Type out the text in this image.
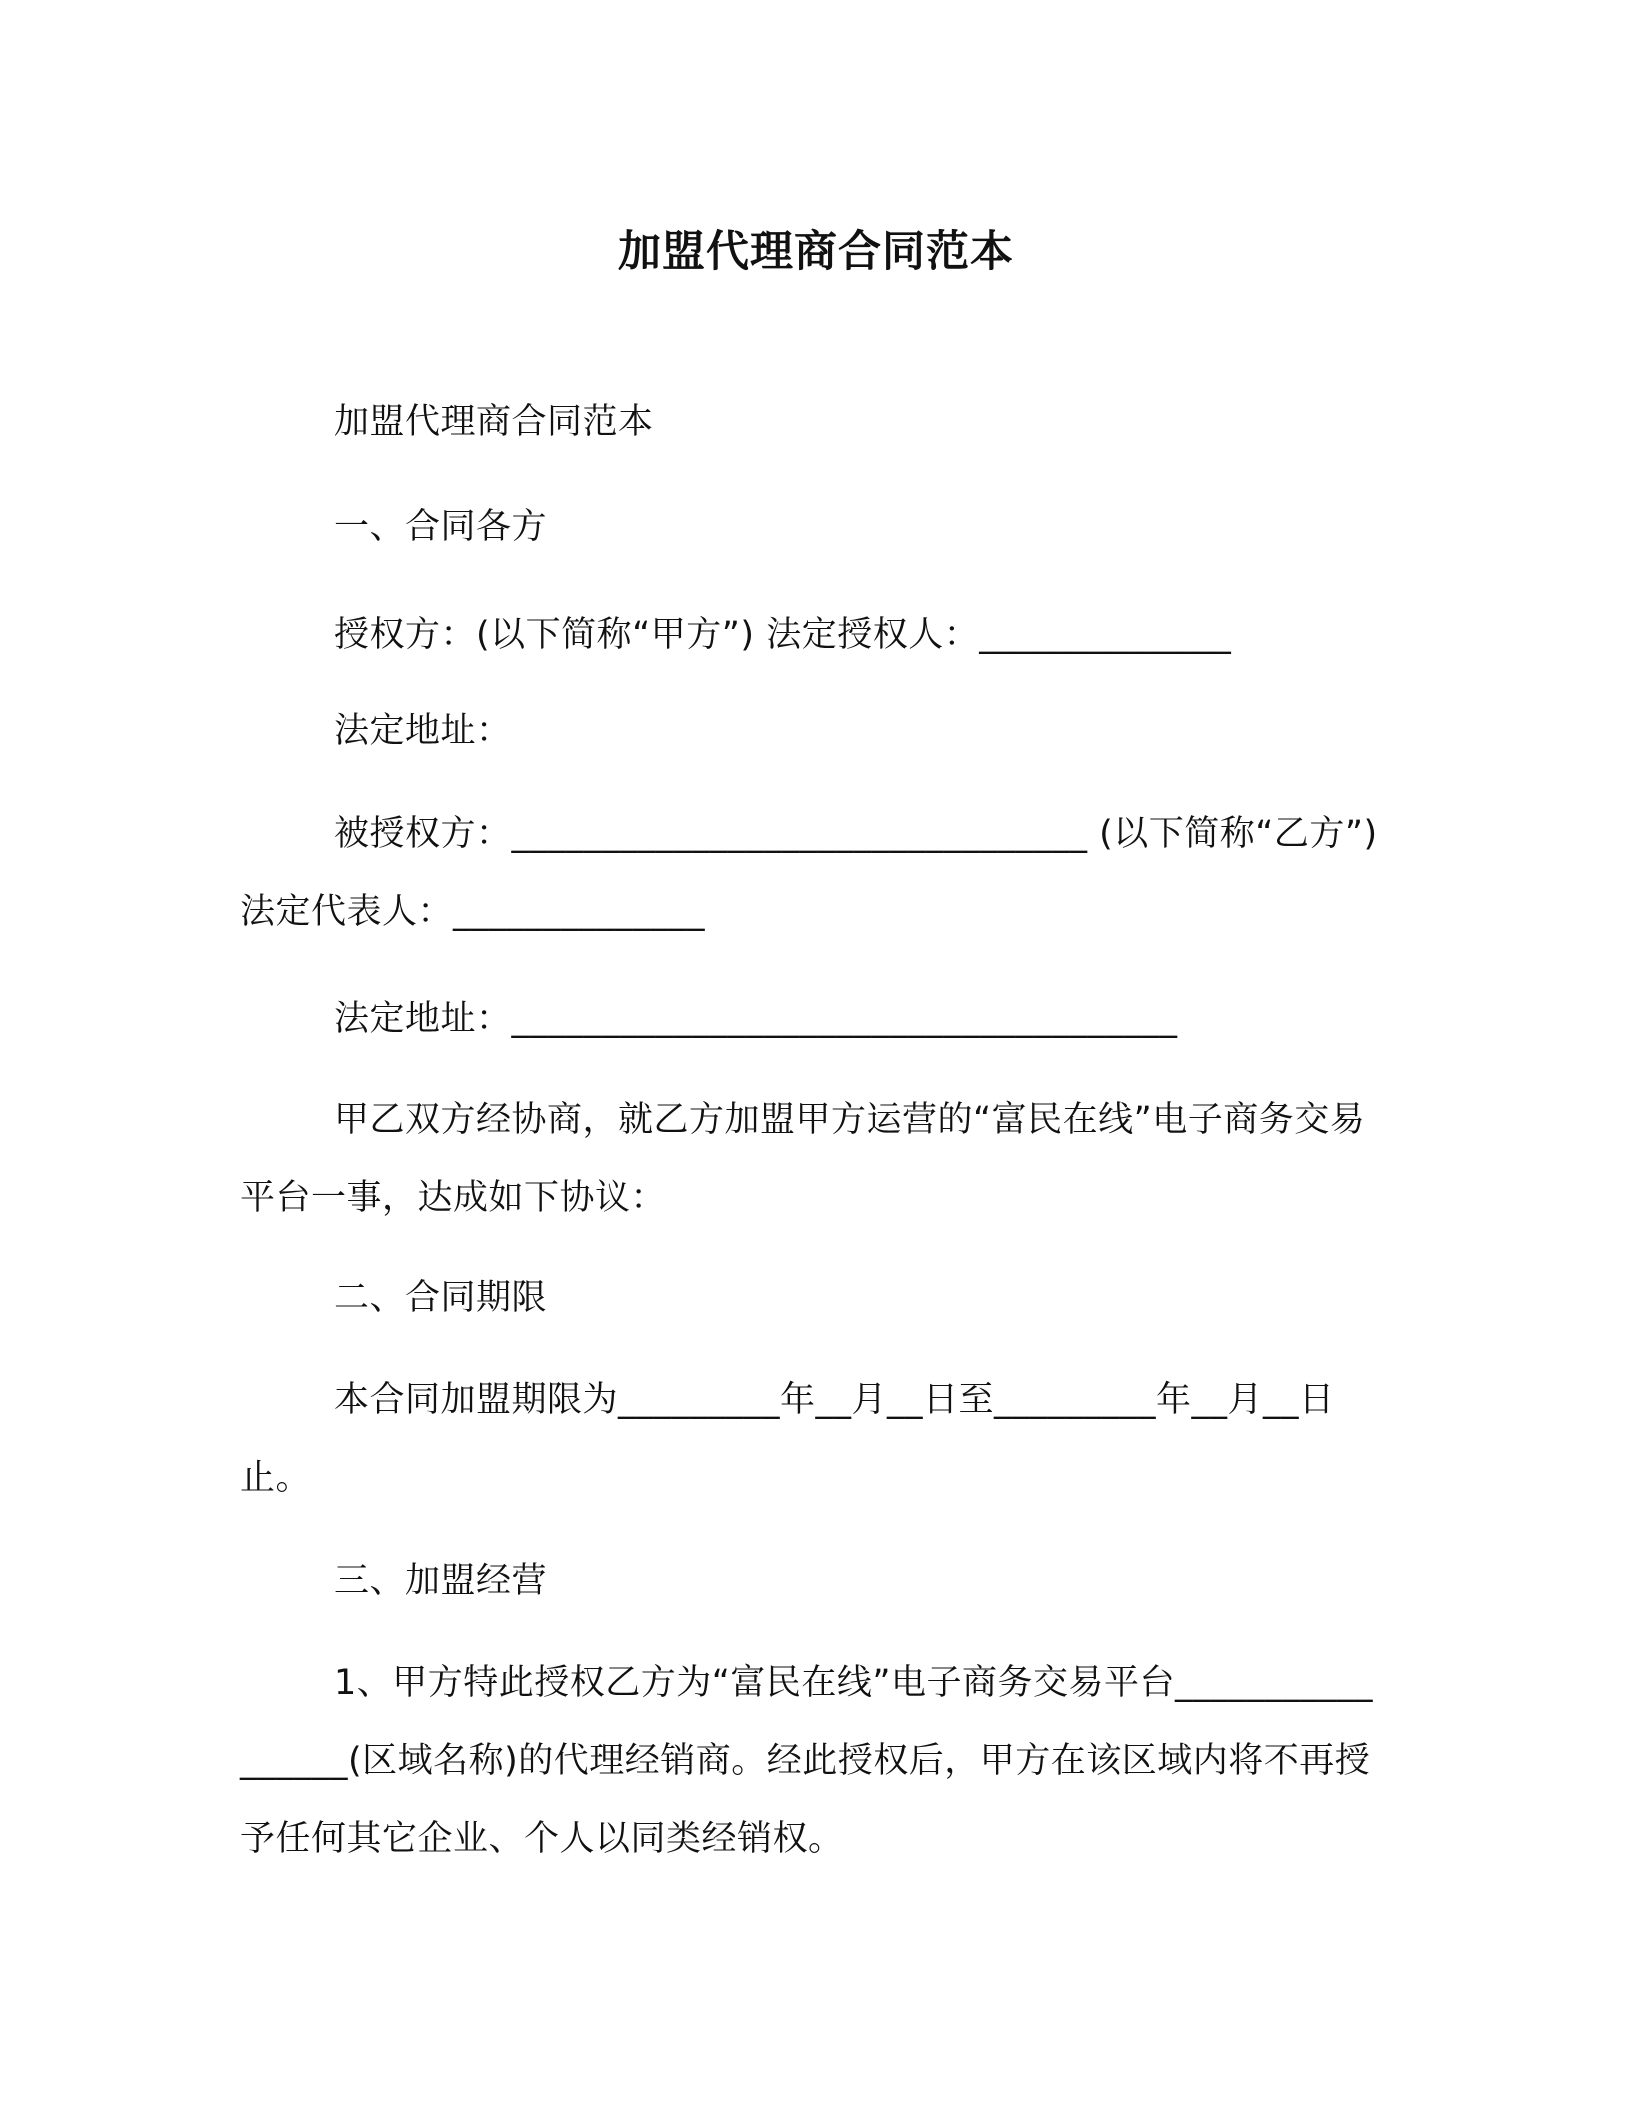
加盟代理商合同范本
加盟代理商合同范本
一、合同各方
授权方：(以下简称“甲方”) 法定授权人：______________
法定地址：
被授权方：________________________________ (以下简称“乙方”) 法定代表人：______________
法定地址：_____________________________________
甲乙双方经协商，就乙方加盟甲方运营的“富民在线”电子商务交易平台一事，达成如下协议：
二、合同期限
本合同加盟期限为_________年__月__日至_________年__月__日止。
三、加盟经营
1、甲方特此授权乙方为“富民在线”电子商务交易平台_________________(区域名称)的代理经销商。经此授权后，甲方在该区域内将不再授予任何其它企业、个人以同类经销权。
